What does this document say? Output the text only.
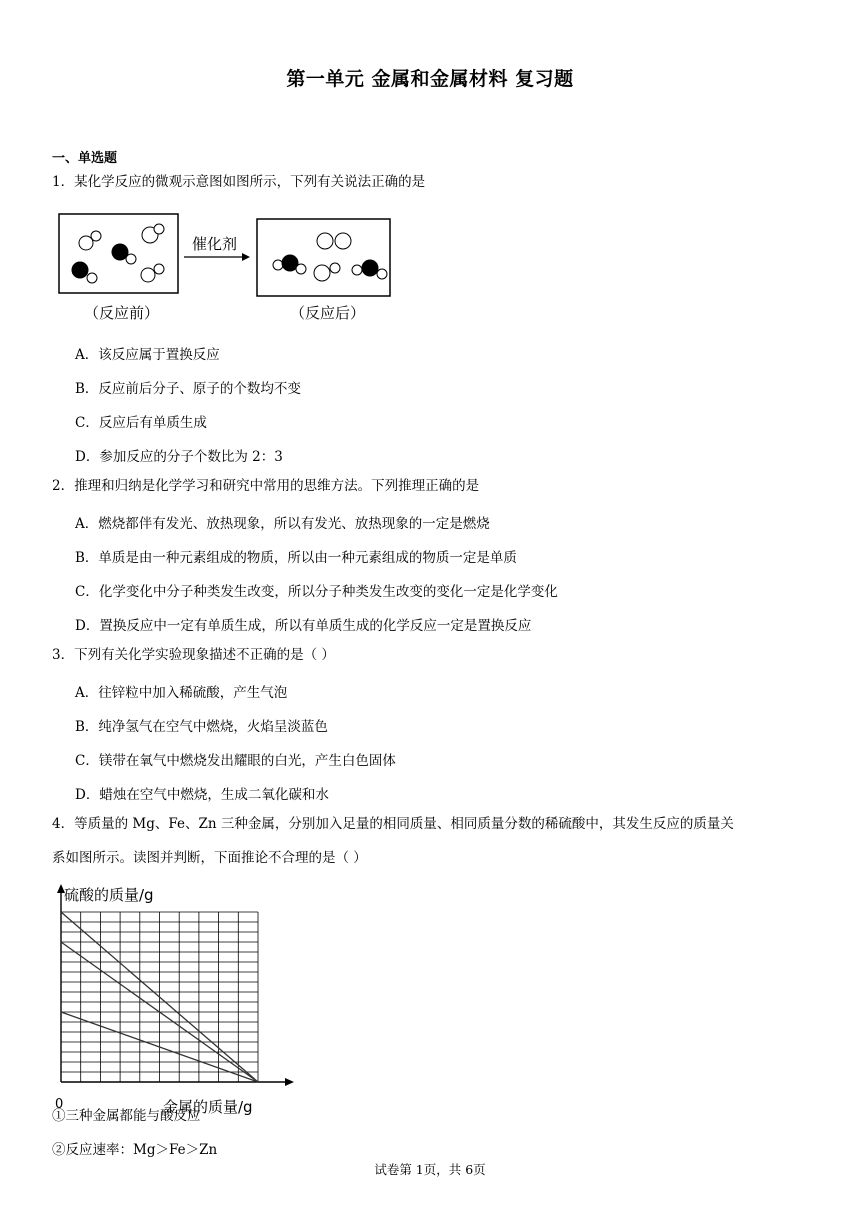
第一单元 金属和金属材料 复习题
一、单选题
1．某化学反应的微观示意图如图所示，下列有关说法正确的是
催化剂
（反应前）	（反应后）
A．该反应属于置换反应
B．反应前后分子、原子的个数均不变
C．反应后有单质生成
D．参加反应的分子个数比为 2：3
2．推理和归纳是化学学习和研究中常用的思维方法。下列推理正确的是
A．燃烧都伴有发光、放热现象，所以有发光、放热现象的一定是燃烧
B．单质是由一种元素组成的物质，所以由一种元素组成的物质一定是单质
C．化学变化中分子种类发生改变，所以分子种类发生改变的变化一定是化学变化
D．置换反应中一定有单质生成，所以有单质生成的化学反应一定是置换反应
3．下列有关化学实验现象描述不正确的是（ ）
A．往锌粒中加入稀硫酸，产生气泡
B．纯净氢气在空气中燃烧，火焰呈淡蓝色
C．镁带在氧气中燃烧发出耀眼的白光，产生白色固体
D．蜡烛在空气中燃烧，生成二氧化碳和水
4．等质量的 Mg、Fe、Zn 三种金属，分别加入足量的相同质量、相同质量分数的稀硫酸中，其发生反应的质量关
系如图所示。读图并判断，下面推论不合理的是（ ）
硫酸的质量/g
金属的质量/g
0
①三种金属都能与酸反应
②反应速率：Mg＞Fe＞Zn
试卷第 1页，共 6页
